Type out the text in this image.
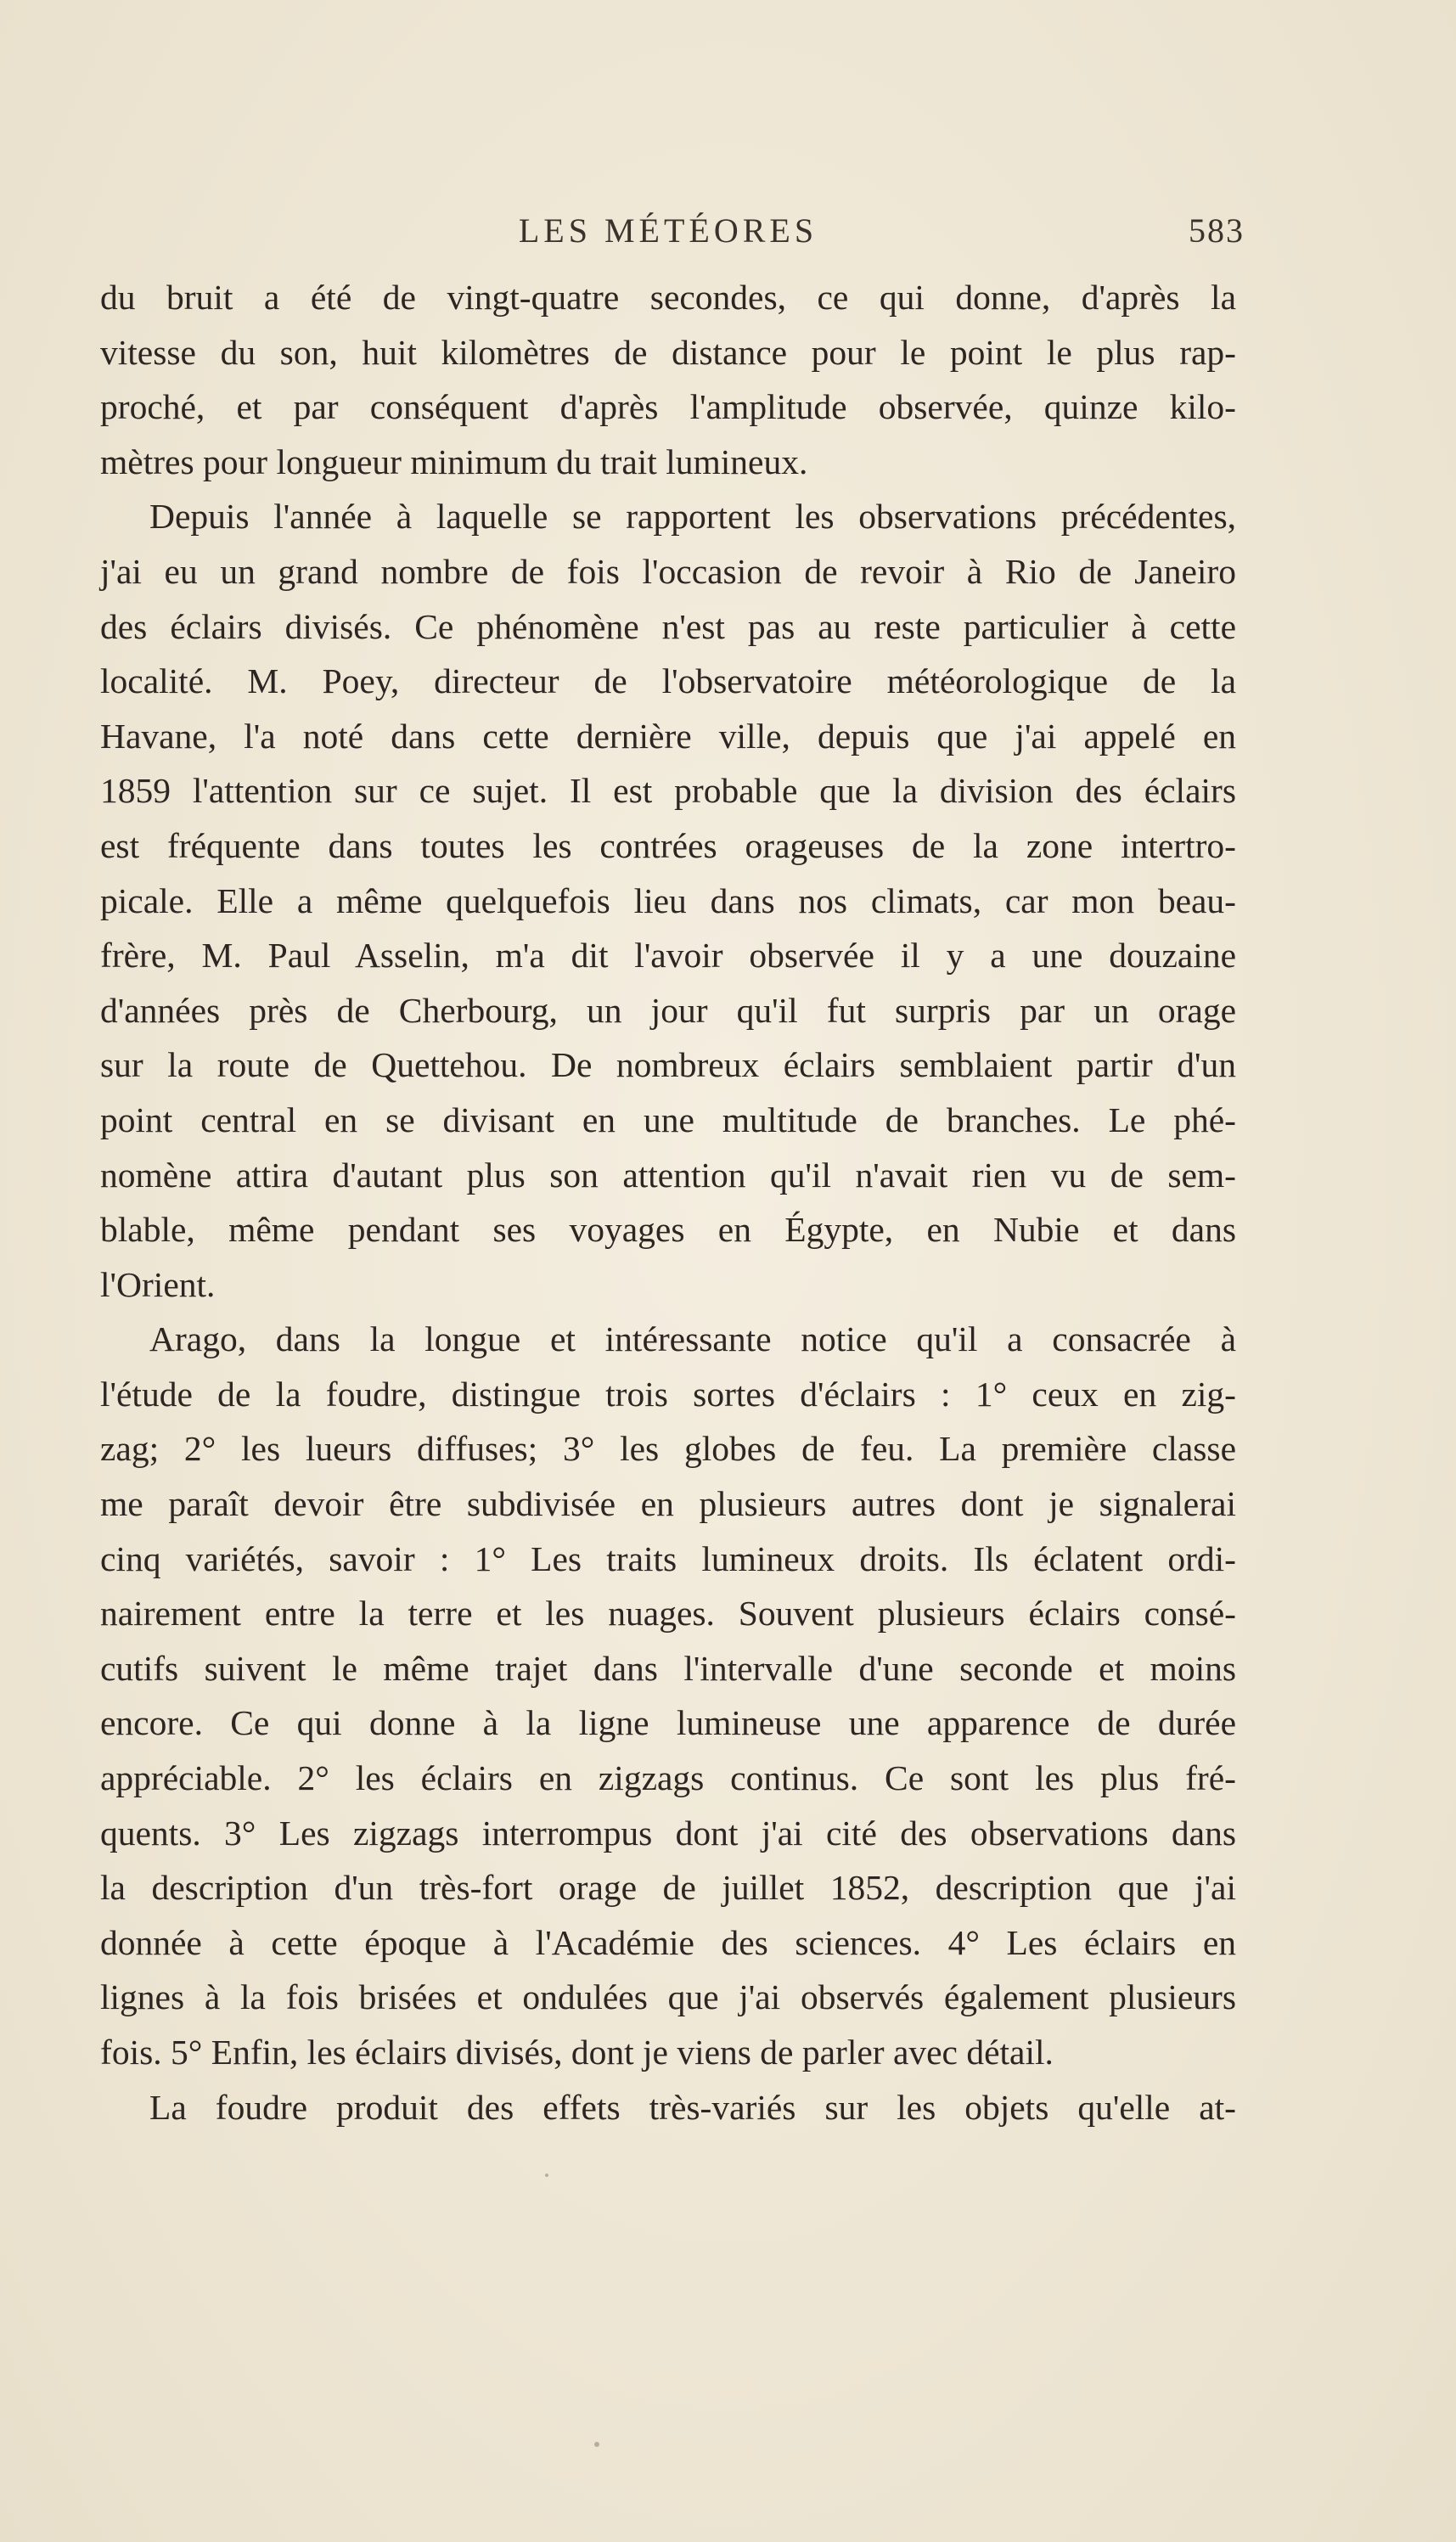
LES MÉTÉORES	583

du bruit a été de vingt-quatre secondes, ce qui donne, d'après la

vitesse du son, huit kilomètres de distance pour le point le plus rap-

proché, et par conséquent d'après l'amplitude observée, quinze kilo-

mètres pour longueur minimum du trait lumineux.

Depuis l'année à laquelle se rapportent les observations précédentes,

j'ai eu un grand nombre de fois l'occasion de revoir à Rio de Janeiro

des éclairs divisés. Ce phénomène n'est pas au reste particulier à cette

localité. M. Poey, directeur de l'observatoire météorologique de la

Havane, l'a noté dans cette dernière ville, depuis que j'ai appelé en

1859 l'attention sur ce sujet. Il est probable que la division des éclairs

est fréquente dans toutes les contrées orageuses de la zone intertro-

picale. Elle a même quelquefois lieu dans nos climats, car mon beau-

frère, M. Paul Asselin, m'a dit l'avoir observée il y a une douzaine

d'années près de Cherbourg, un jour qu'il fut surpris par un orage

sur la route de Quettehou. De nombreux éclairs semblaient partir d'un

point central en se divisant en une multitude de branches. Le phé-

nomène attira d'autant plus son attention qu'il n'avait rien vu de sem-

blable, même pendant ses voyages en Égypte, en Nubie et dans

l'Orient.

Arago, dans la longue et intéressante notice qu'il a consacrée à

l'étude de la foudre, distingue trois sortes d'éclairs : 1° ceux en zig-

zag; 2° les lueurs diffuses; 3° les globes de feu. La première classe

me paraît devoir être subdivisée en plusieurs autres dont je signalerai

cinq variétés, savoir : 1° Les traits lumineux droits. Ils éclatent ordi-

nairement entre la terre et les nuages. Souvent plusieurs éclairs consé-

cutifs suivent le même trajet dans l'intervalle d'une seconde et moins

encore. Ce qui donne à la ligne lumineuse une apparence de durée

appréciable. 2° les éclairs en zigzags continus. Ce sont les plus fré-

quents. 3° Les zigzags interrompus dont j'ai cité des observations dans

la description d'un très-fort orage de juillet 1852, description que j'ai

donnée à cette époque à l'Académie des sciences. 4° Les éclairs en

lignes à la fois brisées et ondulées que j'ai observés également plusieurs

fois. 5° Enfin, les éclairs divisés, dont je viens de parler avec détail.

La foudre produit des effets très-variés sur les objets qu'elle at-
